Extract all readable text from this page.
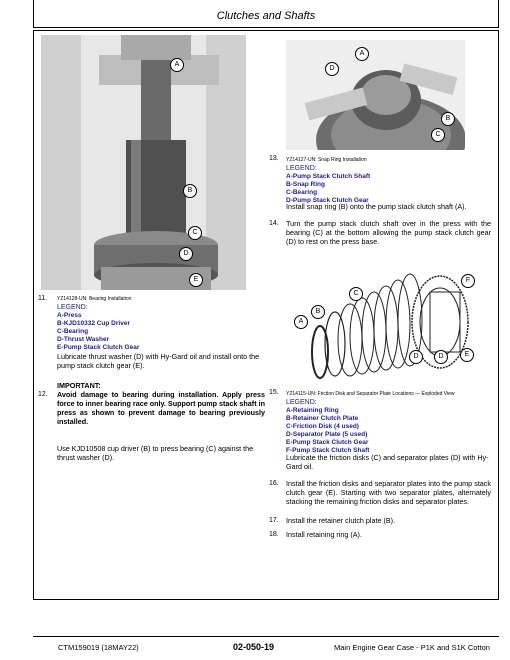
Clutches and Shafts
A
B
C
D
E
11. YZ14128-UN: Bearing Installation
LEGEND:
A-Press
B-KJD10332 Cup Driver
C-Bearing
D-Thrust Washer
E-Pump Stack Clutch Gear
Lubricate thrust washer (D) with Hy-Gard oil and install onto the pump stack clutch gear (E).
IMPORTANT:
12. Avoid damage to bearing during installation. Apply press force to inner bearing race only. Support pump stack shaft in press as shown to prevent damage to bearing previously installed.
Use KJD10508 cup driver (B) to press bearing (C) against the thrust washer (D).
A
D
B
C
13. YZ14127-UN: Snap Ring Installation
LEGEND:
A-Pump Stack Clutch Shaft
B-Snap Ring
C-Bearing
D-Pump Stack Clutch Gear
Install snap ring (B) onto the pump stack clutch shaft (A).
14. Turn the pump stack clutch shaft over in the press with the bearing (C) at the bottom allowing the pump stack clutch gear (D) to rest on the press base.
C
B
A
F
D	D	E
15. YZ14115-UN: Friction Disk and Separator Plate Locations — Exploded View
LEGEND:
A-Retaining Ring
B-Retainer Clutch Plate
C-Friction Disk (4 used)
D-Separator Plate (5 used)
E-Pump Stack Clutch Gear
F-Pump Stack Clutch Shaft
Lubricate the friction disks (C) and separator plates (D) with Hy-Gard oil.
16. Install the friction disks and separator plates into the pump stack clutch gear (E). Starting with two separator plates, alternately stacking the remaining friction disks and separator plates.
17. Install the retainer clutch plate (B).
18. Install retaining ring (A).
CTM159019 (18MAY22)	02-050-19	Main Engine Gear Case - P1K and S1K Cotton
